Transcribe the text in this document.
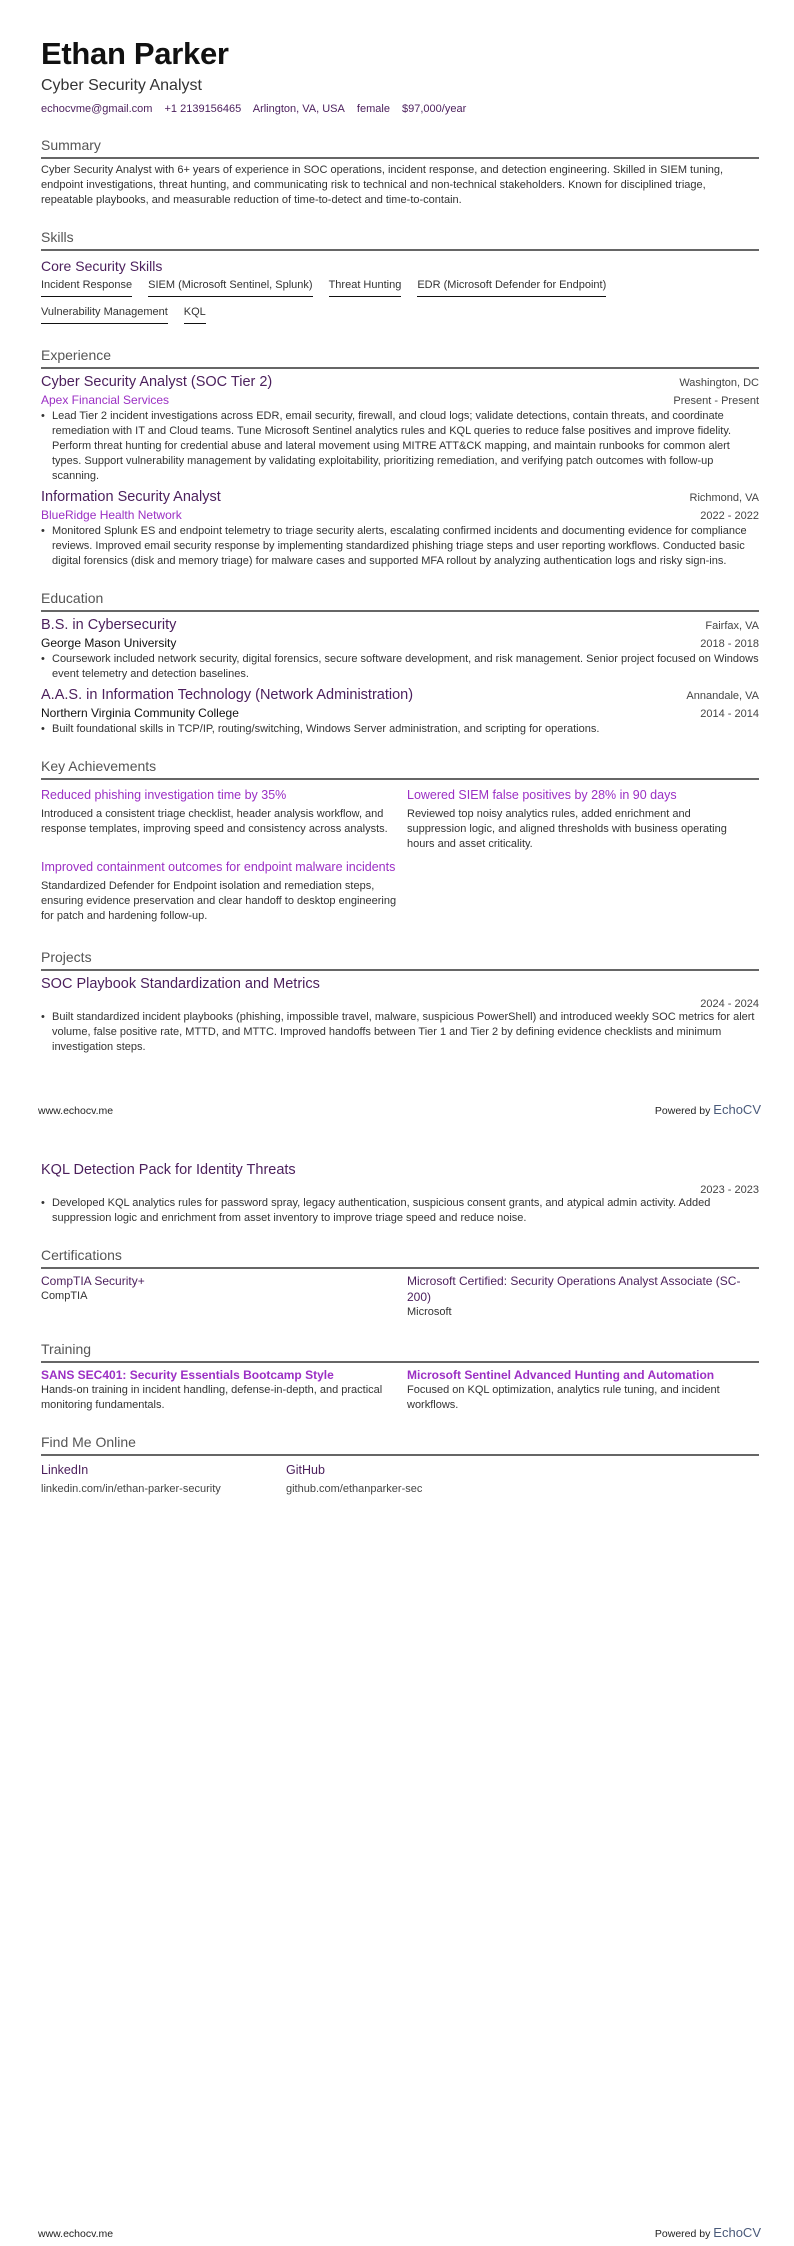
Ethan Parker
Cyber Security Analyst
echocvme@gmail.com +1 2139156465 Arlington, VA, USA female $97,000/year
Summary
Cyber Security Analyst with 6+ years of experience in SOC operations, incident response, and detection engineering. Skilled in SIEM tuning, endpoint investigations, threat hunting, and communicating risk to technical and non-technical stakeholders. Known for disciplined triage, repeatable playbooks, and measurable reduction of time-to-detect and time-to-contain.
Skills
Core Security Skills
Incident Response SIEM (Microsoft Sentinel, Splunk) Threat Hunting EDR (Microsoft Defender for Endpoint)
Vulnerability Management KQL
Experience
Cyber Security Analyst (SOC Tier 2)	Washington, DC
Apex Financial Services	Present - Present
• Lead Tier 2 incident investigations across EDR, email security, firewall, and cloud logs; validate detections, contain threats, and coordinate remediation with IT and Cloud teams. Tune Microsoft Sentinel analytics rules and KQL queries to reduce false positives and improve fidelity. Perform threat hunting for credential abuse and lateral movement using MITRE ATT&CK mapping, and maintain runbooks for common alert types. Support vulnerability management by validating exploitability, prioritizing remediation, and verifying patch outcomes with follow-up scanning.
Information Security Analyst	Richmond, VA
BlueRidge Health Network	2022 - 2022
• Monitored Splunk ES and endpoint telemetry to triage security alerts, escalating confirmed incidents and documenting evidence for compliance reviews. Improved email security response by implementing standardized phishing triage steps and user reporting workflows. Conducted basic digital forensics (disk and memory triage) for malware cases and supported MFA rollout by analyzing authentication logs and risky sign-ins.
Education
B.S. in Cybersecurity	Fairfax, VA
George Mason University	2018 - 2018
• Coursework included network security, digital forensics, secure software development, and risk management. Senior project focused on Windows event telemetry and detection baselines.
A.A.S. in Information Technology (Network Administration)	Annandale, VA
Northern Virginia Community College	2014 - 2014
• Built foundational skills in TCP/IP, routing/switching, Windows Server administration, and scripting for operations.
Key Achievements
Reduced phishing investigation time by 35%
Introduced a consistent triage checklist, header analysis workflow, and response templates, improving speed and consistency across analysts.
Lowered SIEM false positives by 28% in 90 days
Reviewed top noisy analytics rules, added enrichment and suppression logic, and aligned thresholds with business operating hours and asset criticality.
Improved containment outcomes for endpoint malware incidents
Standardized Defender for Endpoint isolation and remediation steps, ensuring evidence preservation and clear handoff to desktop engineering for patch and hardening follow-up.
Projects
SOC Playbook Standardization and Metrics
2024 - 2024
• Built standardized incident playbooks (phishing, impossible travel, malware, suspicious PowerShell) and introduced weekly SOC metrics for alert volume, false positive rate, MTTD, and MTTC. Improved handoffs between Tier 1 and Tier 2 by defining evidence checklists and minimum investigation steps.
www.echocv.me	Powered by EchoCV
KQL Detection Pack for Identity Threats
2023 - 2023
• Developed KQL analytics rules for password spray, legacy authentication, suspicious consent grants, and atypical admin activity. Added suppression logic and enrichment from asset inventory to improve triage speed and reduce noise.
Certifications
CompTIA Security+
CompTIA
Microsoft Certified: Security Operations Analyst Associate (SC-200)
Microsoft
Training
SANS SEC401: Security Essentials Bootcamp Style
Hands-on training in incident handling, defense-in-depth, and practical monitoring fundamentals.
Microsoft Sentinel Advanced Hunting and Automation
Focused on KQL optimization, analytics rule tuning, and incident workflows.
Find Me Online
LinkedIn
linkedin.com/in/ethan-parker-security
GitHub
github.com/ethanparker-sec
www.echocv.me	Powered by EchoCV
